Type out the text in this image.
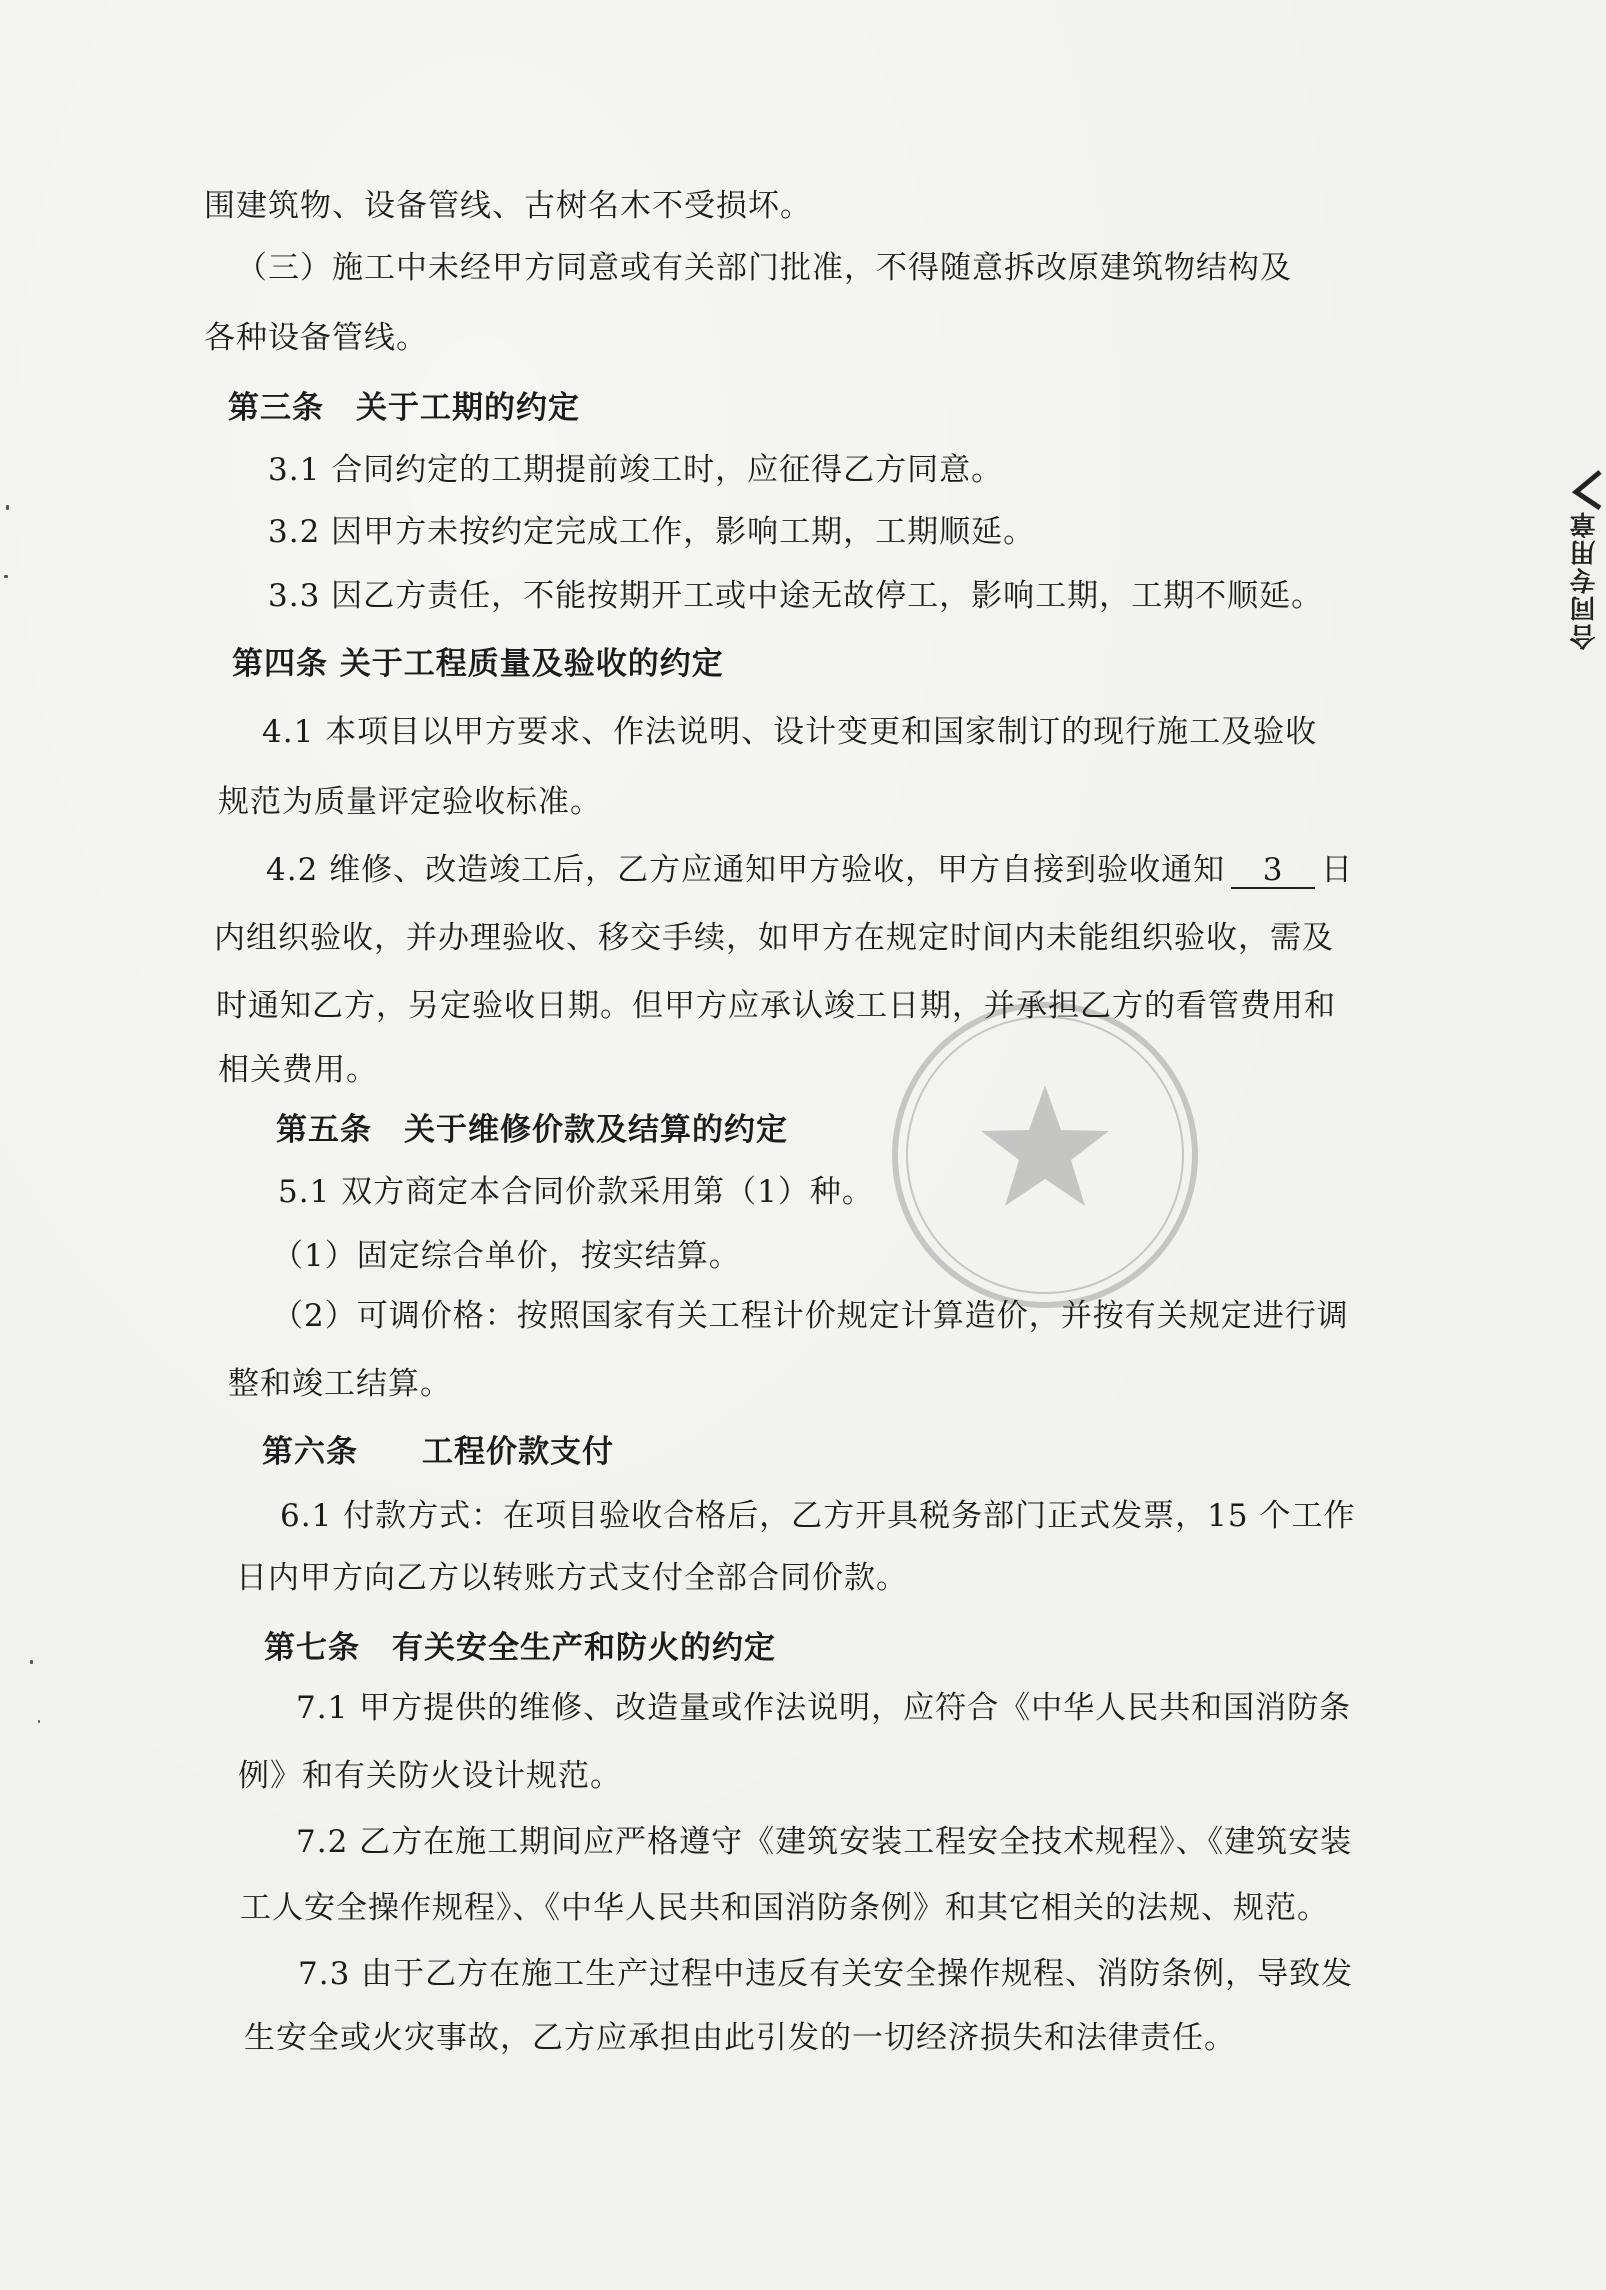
合同专用章
围建筑物、设备管线、古树名木不受损坏。
（三）施工中未经甲方同意或有关部门批准，不得随意拆改原建筑物结构及
各种设备管线。
第三条　关于工期的约定
3.1 合同约定的工期提前竣工时，应征得乙方同意。
3.2 因甲方未按约定完成工作，影响工期，工期顺延。
3.3 因乙方责任，不能按期开工或中途无故停工，影响工期，工期不顺延。
第四条 关于工程质量及验收的约定
4.1 本项目以甲方要求、作法说明、设计变更和国家制订的现行施工及验收
规范为质量评定验收标准。
4.2 维修、改造竣工后，乙方应通知甲方验收，甲方自接到验收通知 3 日
内组织验收，并办理验收、移交手续，如甲方在规定时间内未能组织验收，需及
时通知乙方，另定验收日期。但甲方应承认竣工日期，并承担乙方的看管费用和
相关费用。
第五条　关于维修价款及结算的约定
5.1 双方商定本合同价款采用第（1）种。
（1）固定综合单价，按实结算。
（2）可调价格：按照国家有关工程计价规定计算造价，并按有关规定进行调
整和竣工结算。
第六条　　工程价款支付
6.1 付款方式：在项目验收合格后，乙方开具税务部门正式发票，15 个工作
日内甲方向乙方以转账方式支付全部合同价款。
第七条　有关安全生产和防火的约定
7.1 甲方提供的维修、改造量或作法说明，应符合《中华人民共和国消防条
例》和有关防火设计规范。
7.2 乙方在施工期间应严格遵守《建筑安装工程安全技术规程》、《建筑安装
工人安全操作规程》、《中华人民共和国消防条例》和其它相关的法规、规范。
7.3 由于乙方在施工生产过程中违反有关安全操作规程、消防条例，导致发
生安全或火灾事故，乙方应承担由此引发的一切经济损失和法律责任。
